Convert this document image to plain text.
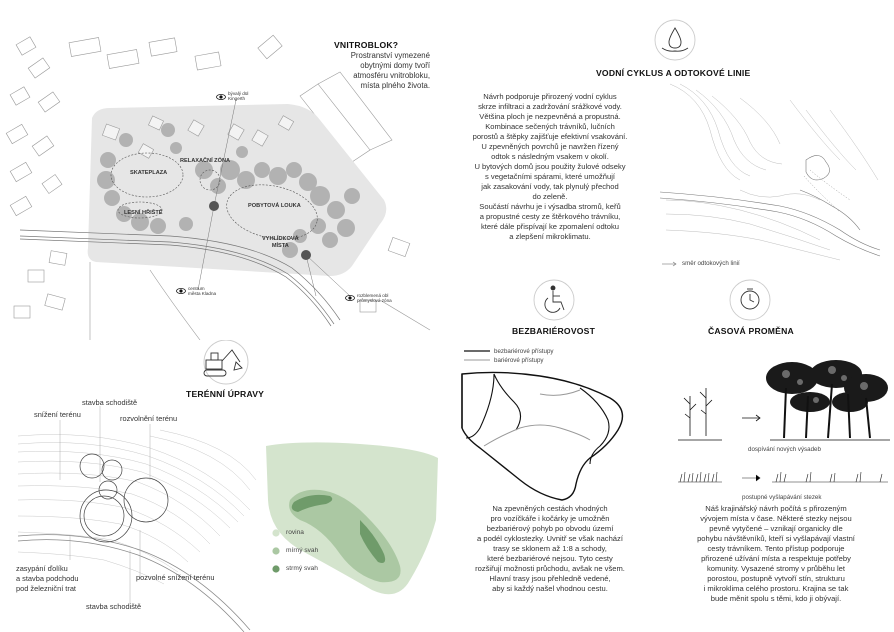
VNITROBLOK?
Prostranství vymezené
obytnými domy tvoří
atmosféru vnitrobloku,
místa plného života.
SKATEPLAZA
RELAXAČNÍ ZÓNA
LESNÍ HŘIŠTĚ
POBYTOVÁ LOUKA
VYHLÍDKOVÁ
MÍSTA
bývalý dül
Kingerth
centrum
města Kladna	rozblemená obl
průmyslová zóna
TERÉNNÍ ÚPRAVY
stavba schodiště
snížení terénu	rozvolnění terénu
zasypání ďolíku
a stavba podchodu
pod železniční trat
pozvolné snížení terénu
stavba schodiště
rovina
mírný svah
strmý svah
VODNÍ CYKLUS A ODTOKOVÉ LINIE
Návrh podporuje přirozený vodní cyklus
skrze infiltraci a zadržování srážkové vody.
Většina ploch je nezpevněná a propustná.
Kombinace sečených trávníků, lučních
porostů a štěpky zajišťuje efektivní vsakování.
U zpevněných povrchů je navržen řízený
odtok s následným vsakem v okolí.
U bytových domů jsou použity žulové odseky
s vegetačními spárami, které umožňují
jak zasakování vody, tak plynulý přechod
do zeleně.
Součástí návrhu je i výsadba stromů, keřů
a propustné cesty ze štěrkového trávníku,
které dále přispívají ke zpomalení odtoku
a zlepšení mikroklimatu.
směr odtokových linií
BEZBARIÉROVOST
bezbariérové přístupy
bariérové přístupy
Na zpevněných cestách vhodných
pro vozíčkáře i kočárky je umožněn
bezbariérový pohyb po obvodu území
a podél cyklostezky. Uvnitř se však nachází
trasy se sklonem až 1:8 a schody,
které bezbariérové nejsou. Tyto cesty
rozšiřují možnosti průchodu, avšak ne všem.
Hlavní trasy jsou přehledně vedené,
aby si každý našel vhodnou cestu.
ČASOVÁ PROMĚNA
dospívání nových výsadeb
postupné vyšlapávání stezek
Náš krajinářský návrh počítá s přirozeným
vývojem místa v čase. Některé stezky nejsou
pevně vytyčené – vznikají organicky dle
pohybu návštěvníků, kteří si vyšlapávají vlastní
cesty trávníkem. Tento přístup podporuje
přirozené užívání místa a respektuje potřeby
komunity. Vysazené stromy v průběhu let
porostou, postupně vytvoří stín, strukturu
i mikroklima celého prostoru. Krajina se tak
bude měnit spolu s těmi, kdo ji obývají.
